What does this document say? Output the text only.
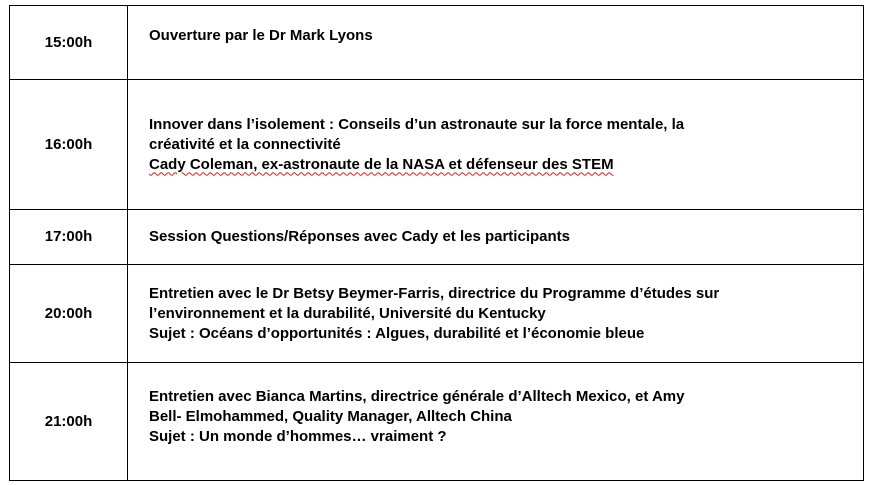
15:00h	Ouverture par le Dr Mark Lyons

16:00h	Innover dans l’isolement : Conseils d’un astronaute sur la force mentale, la
créativité et la connectivité
Cady Coleman, ex-astronaute de la NASA et défenseur des STEM

17:00h	Session Questions/Réponses avec Cady et les participants

20:00h	Entretien avec le Dr Betsy Beymer-Farris, directrice du Programme d’études sur
l’environnement et la durabilité, Université du Kentucky
Sujet : Océans d’opportunités : Algues, durabilité et l’économie bleue

21:00h	Entretien avec Bianca Martins, directrice générale d’Alltech Mexico, et Amy
Bell- Elmohammed, Quality Manager, Alltech China
Sujet : Un monde d’hommes… vraiment ?
